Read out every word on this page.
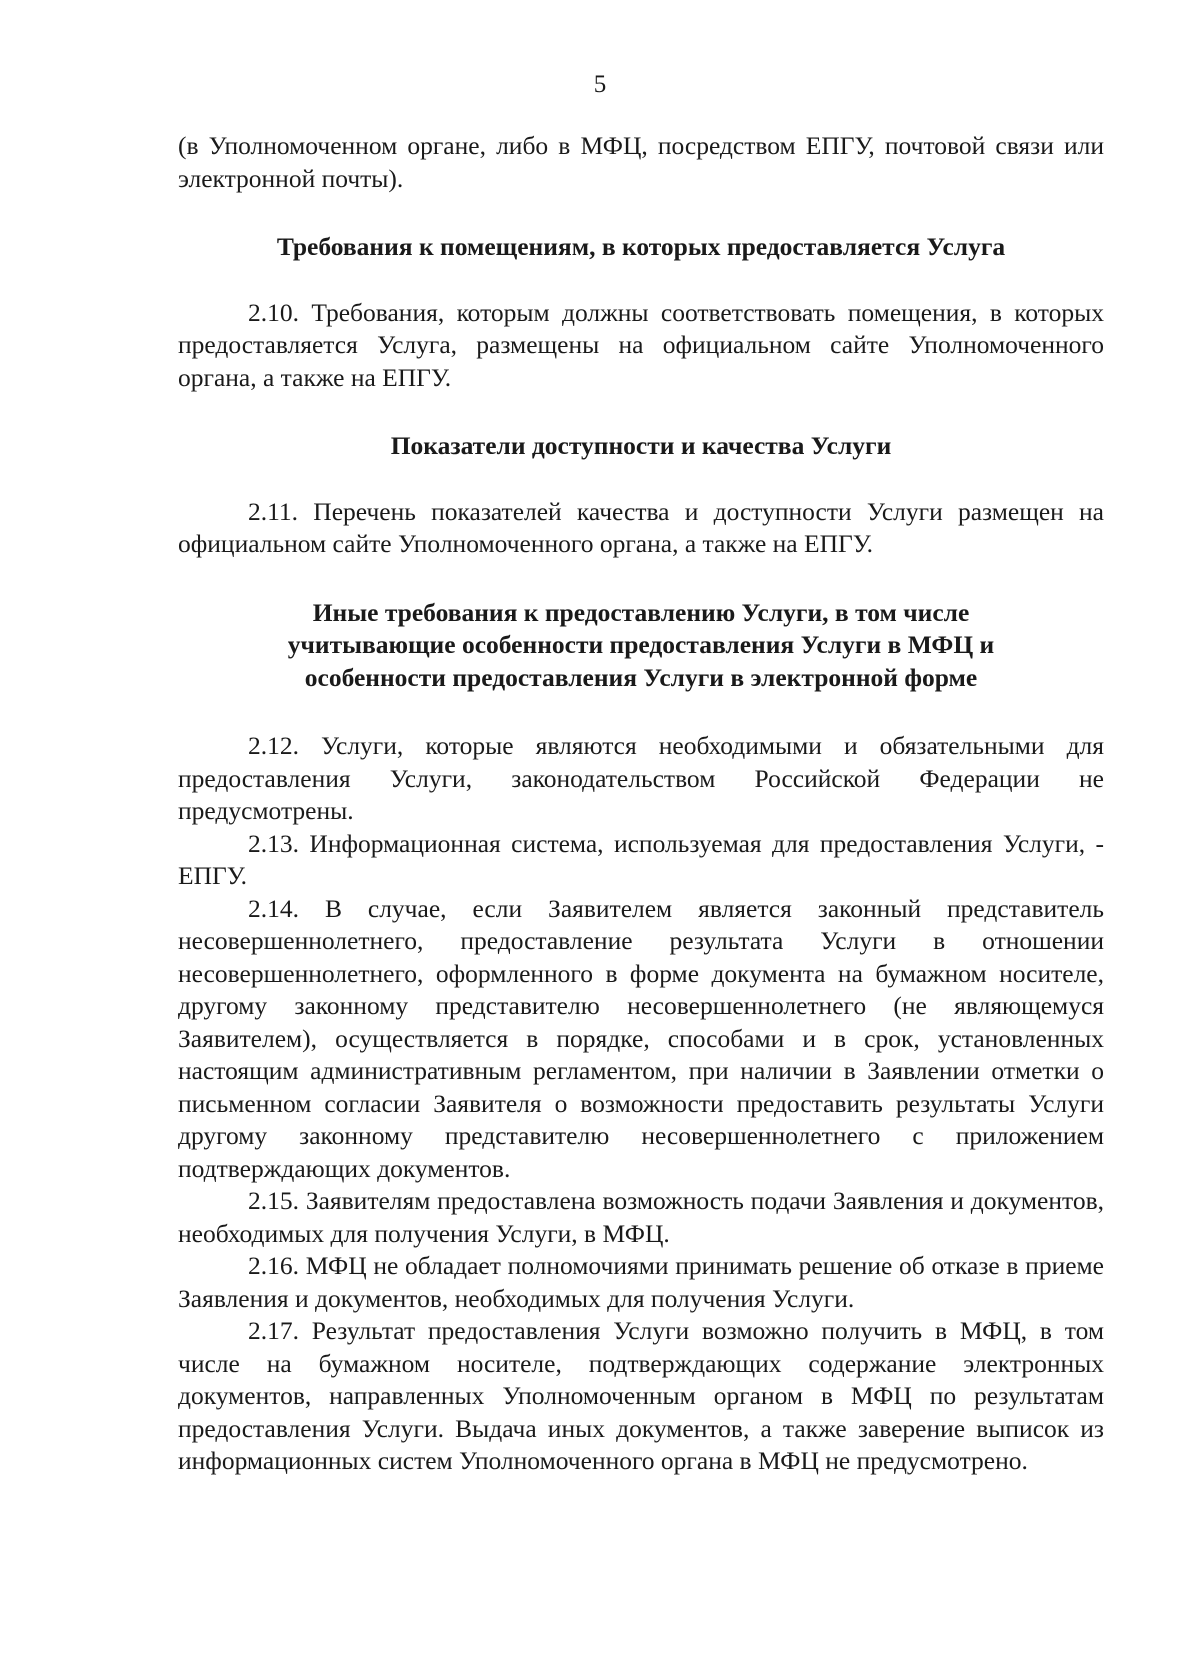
5

(в Уполномоченном органе, либо в МФЦ, посредством ЕПГУ, почтовой связи или электронной почты).

Требования к помещениям, в которых предоставляется Услуга

2.10. Требования, которым должны соответствовать помещения, в которых предоставляется Услуга, размещены на официальном сайте Уполномоченного органа, а также на ЕПГУ.

Показатели доступности и качества Услуги

2.11. Перечень показателей качества и доступности Услуги размещен на официальном сайте Уполномоченного органа, а также на ЕПГУ.

Иные требования к предоставлению Услуги, в том числе

учитывающие особенности предоставления Услуги в МФЦ и

особенности предоставления Услуги в электронной форме

2.12. Услуги, которые являются необходимыми и обязательными для предоставления Услуги, законодательством Российской Федерации не предусмотрены.

2.13. Информационная система, используемая для предоставления Услуги, - ЕПГУ.

2.14. В случае, если Заявителем является законный представитель несовершеннолетнего, предоставление результата Услуги в отношении несовершеннолетнего, оформленного в форме документа на бумажном носителе, другому законному представителю несовершеннолетнего (не являющемуся Заявителем), осуществляется в порядке, способами и в срок, установленных настоящим административным регламентом, при наличии в Заявлении отметки о письменном согласии Заявителя о возможности предоставить результаты Услуги другому законному представителю несовершеннолетнего с приложением подтверждающих документов.

2.15. Заявителям предоставлена возможность подачи Заявления и документов, необходимых для получения Услуги, в МФЦ.

2.16. МФЦ не обладает полномочиями принимать решение об отказе в приеме Заявления и документов, необходимых для получения Услуги.

2.17. Результат предоставления Услуги возможно получить в МФЦ, в том числе на бумажном носителе, подтверждающих содержание электронных документов, направленных Уполномоченным органом в МФЦ по результатам предоставления Услуги. Выдача иных документов, а также заверение выписок из информационных систем Уполномоченного органа в МФЦ не предусмотрено.
